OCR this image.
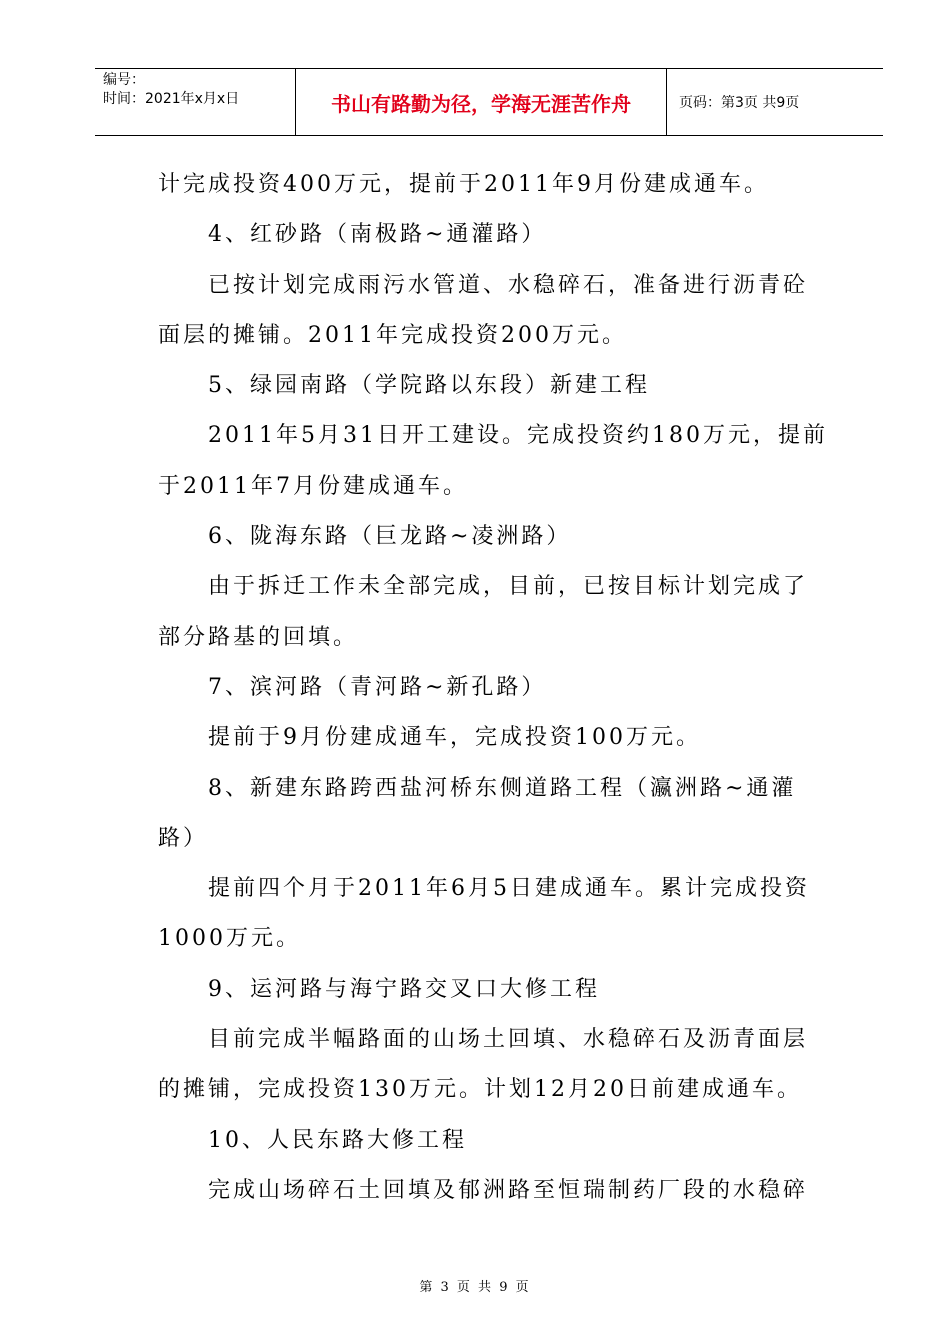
编号：
时间：2021年x月x日	书山有路勤为径，学海无涯苦作舟	页码：第3页 共9页

计完成投资400万元，提前于2011年9月份建成通车。

4、红砂路（南极路~通灌路）

已按计划完成雨污水管道、水稳碎石，准备进行沥青砼面层的摊铺。2011年完成投资200万元。

5、绿园南路（学院路以东段）新建工程

2011年5月31日开工建设。完成投资约180万元，提前于2011年7月份建成通车。

6、陇海东路（巨龙路~凌洲路）

由于拆迁工作未全部完成，目前，已按目标计划完成了部分路基的回填。

7、滨河路（青河路~新孔路）

提前于9月份建成通车，完成投资100万元。

8、新建东路跨西盐河桥东侧道路工程（瀛洲路~通灌路）

提前四个月于2011年6月5日建成通车。累计完成投资1000万元。

9、运河路与海宁路交叉口大修工程

目前完成半幅路面的山场土回填、水稳碎石及沥青面层的摊铺，完成投资130万元。计划12月20日前建成通车。

10、人民东路大修工程

完成山场碎石土回填及郁洲路至恒瑞制药厂段的水稳碎

第 3 页 共 9 页
